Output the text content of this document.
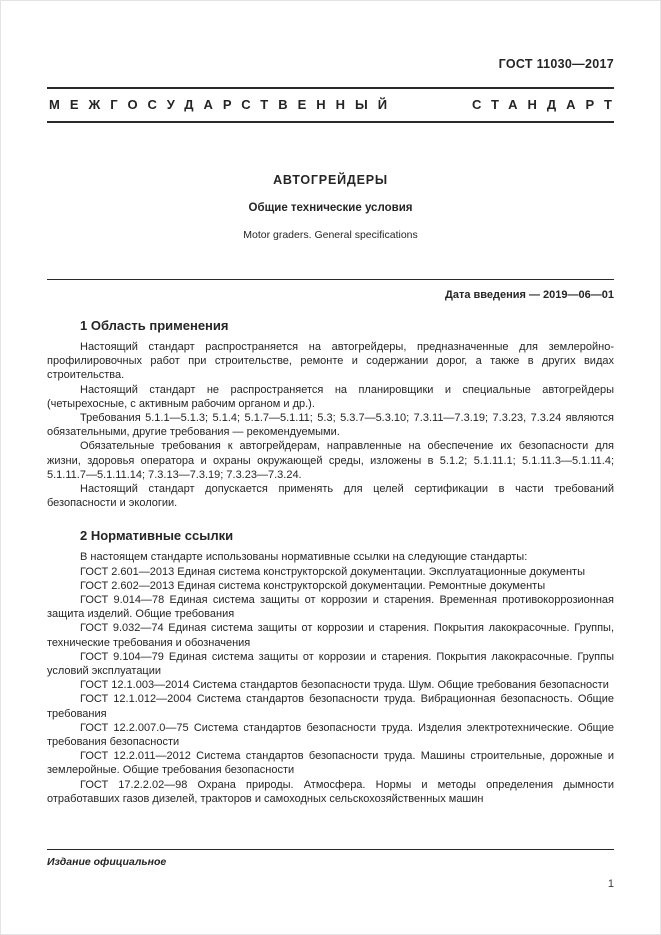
ГОСТ 11030—2017
МЕЖГОСУДАРСТВЕННЫЙ	СТАНДАРТ
АВТОГРЕЙДЕРЫ
Общие технические условия
Motor graders. General specifications
Дата введения — 2019—06—01
1 Область применения

Настоящий стандарт распространяется на автогрейдеры, предназначенные для землеройно-профилировочных работ при строительстве, ремонте и содержании дорог, а также в других видах строительства.

Настоящий стандарт не распространяется на планировщики и специальные автогрейдеры (четырехосные, с активным рабочим органом и др.).

Требования 5.1.1—5.1.3; 5.1.4; 5.1.7—5.1.11; 5.3; 5.3.7—5.3.10; 7.3.11—7.3.19; 7.3.23, 7.3.24 являются обязательными, другие требования — рекомендуемыми.

Обязательные требования к автогрейдерам, направленные на обеспечение их безопасности для жизни, здоровья оператора и охраны окружающей среды, изложены в 5.1.2; 5.1.11.1; 5.1.11.3—5.1.11.4; 5.1.11.7—5.1.11.14; 7.3.13—7.3.19; 7.3.23—7.3.24.

Настоящий стандарт допускается применять для целей сертификации в части требований безопасности и экологии.

2 Нормативные ссылки

В настоящем стандарте использованы нормативные ссылки на следующие стандарты:

ГОСТ 2.601—2013 Единая система конструкторской документации. Эксплуатационные документы

ГОСТ 2.602—2013 Единая система конструкторской документации. Ремонтные документы

ГОСТ 9.014—78 Единая система защиты от коррозии и старения. Временная противокоррозионная защита изделий. Общие требования

ГОСТ 9.032—74 Единая система защиты от коррозии и старения. Покрытия лакокрасочные. Группы, технические требования и обозначения

ГОСТ 9.104—79 Единая система защиты от коррозии и старения. Покрытия лакокрасочные. Группы условий эксплуатации

ГОСТ 12.1.003—2014 Система стандартов безопасности труда. Шум. Общие требования безопасности

ГОСТ 12.1.012—2004 Система стандартов безопасности труда. Вибрационная безопасность. Общие требования

ГОСТ 12.2.007.0—75 Система стандартов безопасности труда. Изделия электротехнические. Общие требования безопасности

ГОСТ 12.2.011—2012 Система стандартов безопасности труда. Машины строительные, дорожные и землеройные. Общие требования безопасности

ГОСТ 17.2.2.02—98 Охрана природы. Атмосфера. Нормы и методы определения дымности отработавших газов дизелей, тракторов и самоходных сельскохозяйственных машин

Издание официальное
1
